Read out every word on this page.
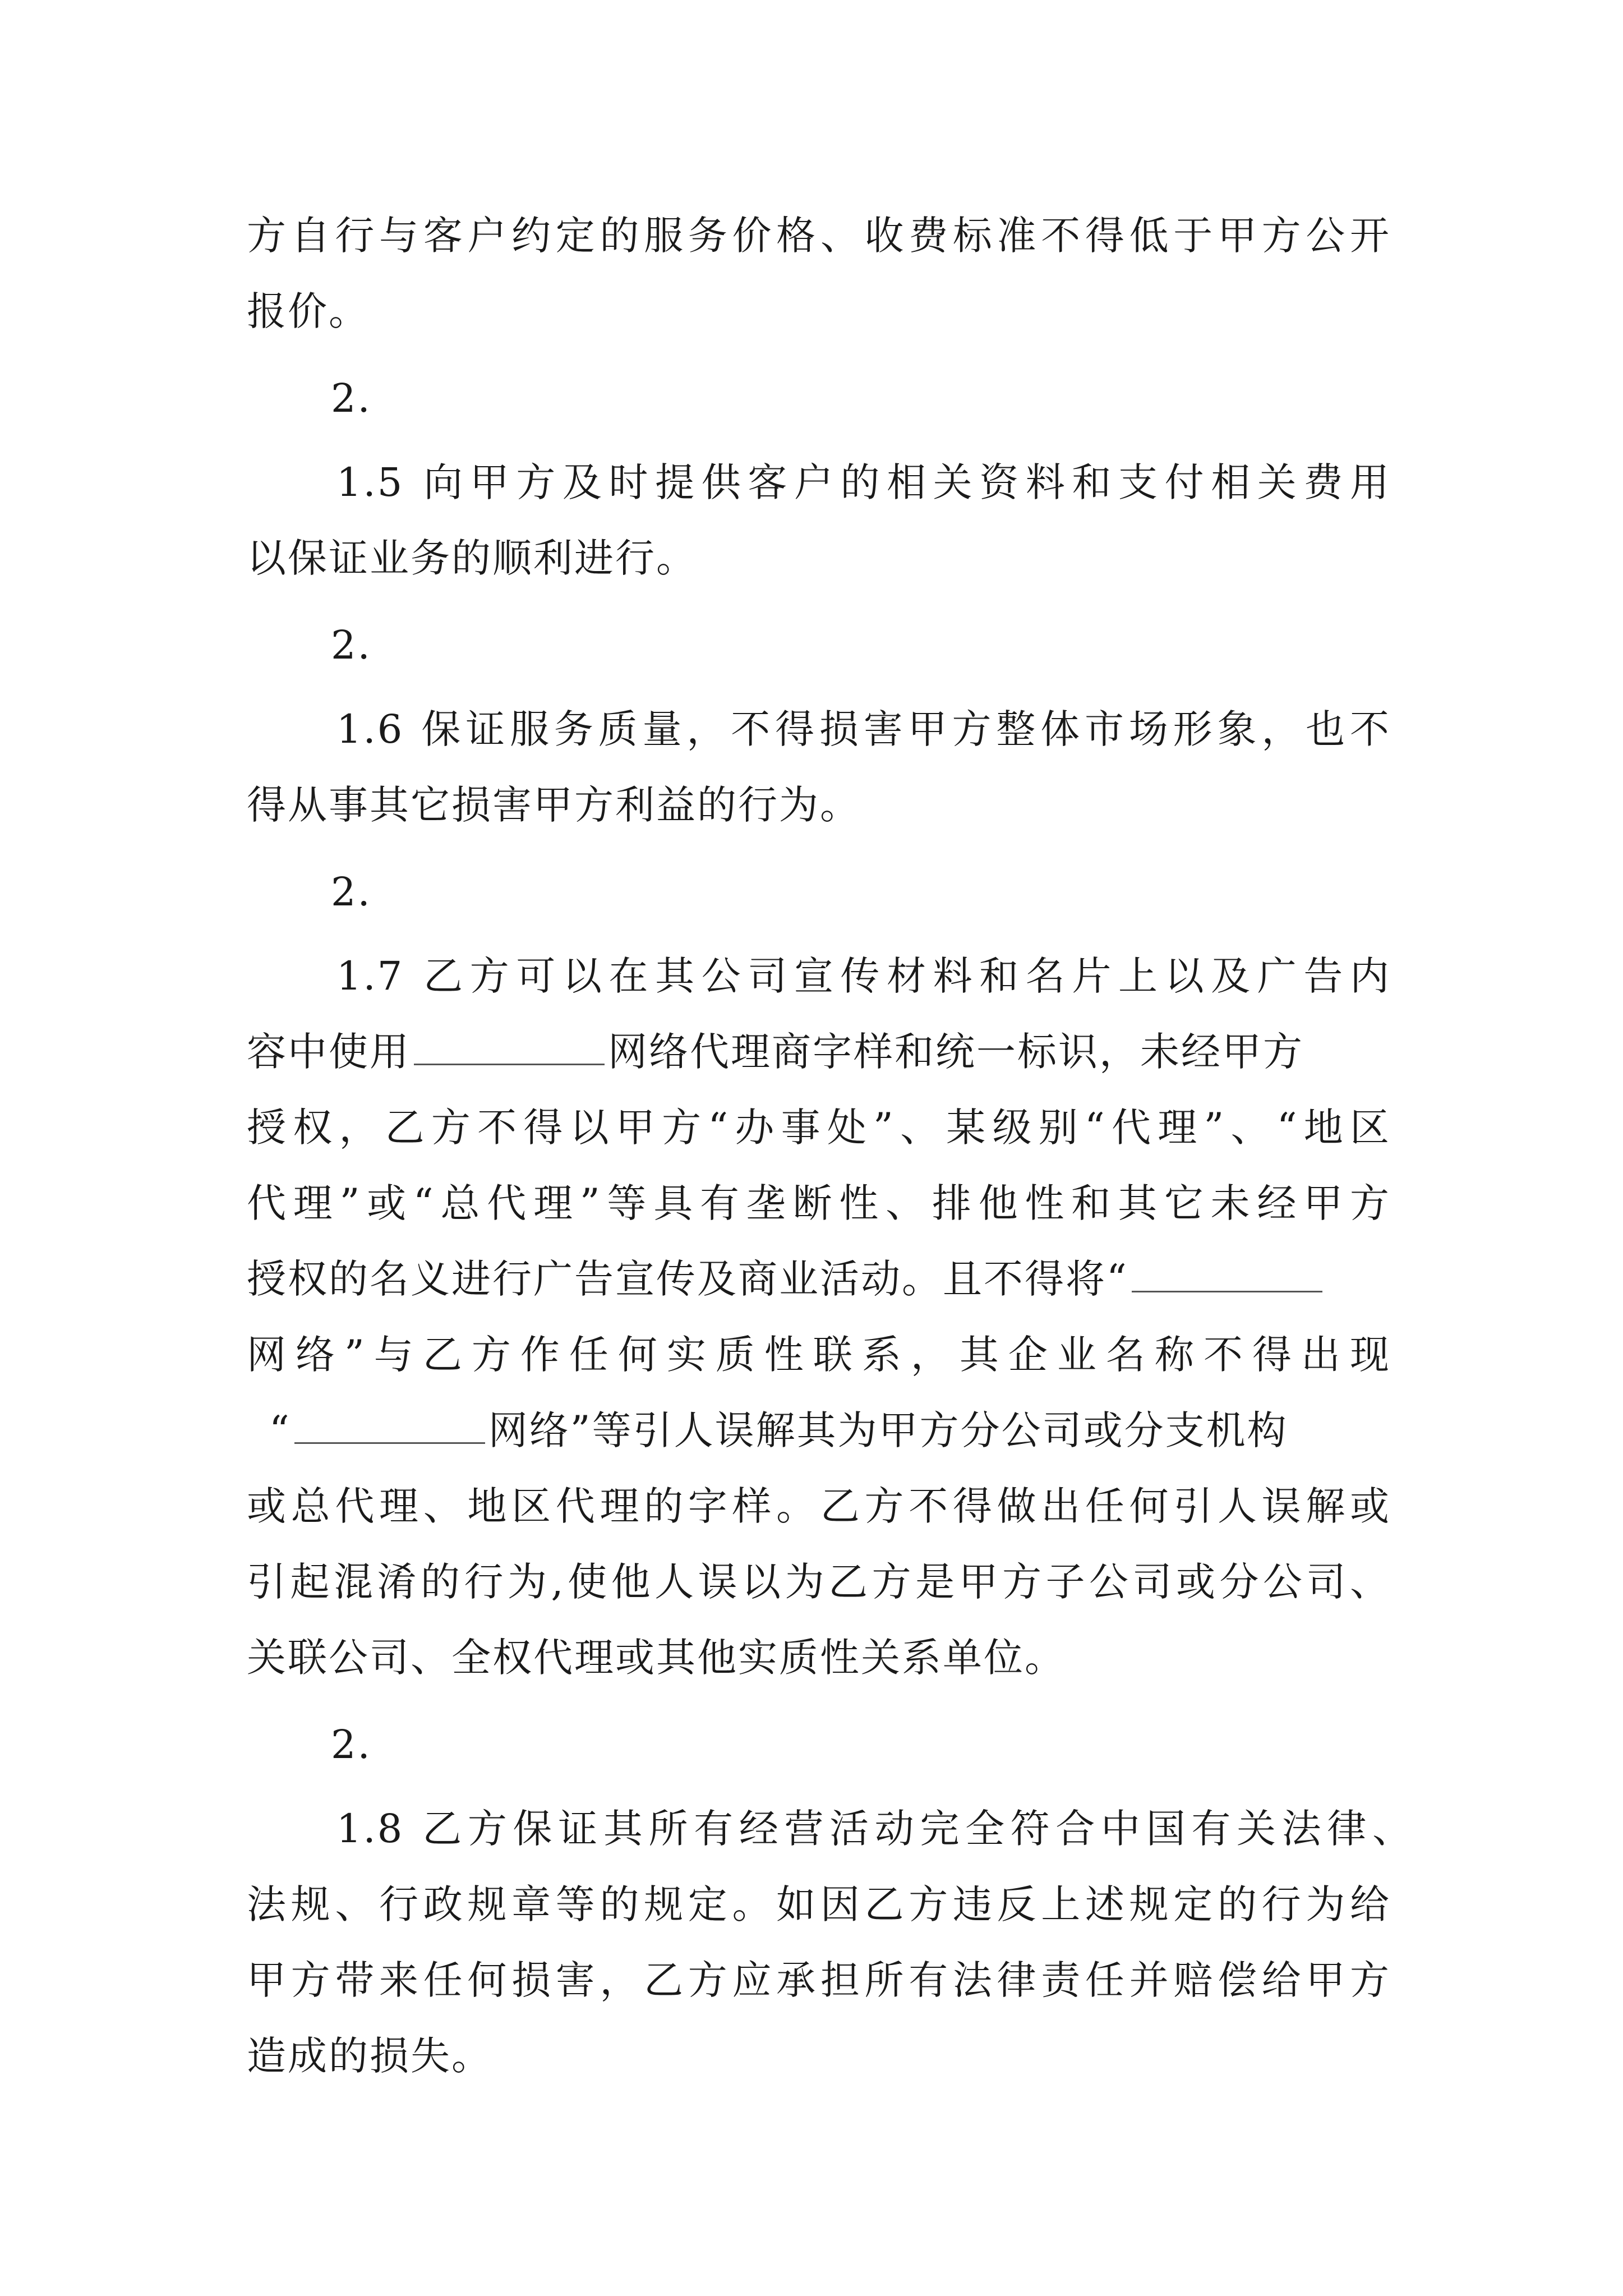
方自行与客户约定的服务价格、收费标准不得低于甲方公开
报价。
2.
1.5 向甲方及时提供客户的相关资料和支付相关费用
以保证业务的顺利进行。
2.
1.6 保证服务质量，不得损害甲方整体市场形象，也不
得从事其它损害甲方利益的行为。
2.
1.7 乙方可以在其公司宣传材料和名片上以及广告内
容中使用	网络代理商字样和统一标识，未经甲方
授权，乙方不得以甲方“办事处”、某级别“代理”、“地区
代理”或“总代理”等具有垄断性、排他性和其它未经甲方
授权的名义进行广告宣传及商业活动。且不得将“
网络”与乙方作任何实质性联系，其企业名称不得出现
“	网络”等引人误解其为甲方分公司或分支机构
或总代理、地区代理的字样。乙方不得做出任何引人误解或
引起混淆的行为,使他人误以为乙方是甲方子公司或分公司、
关联公司、全权代理或其他实质性关系单位。
2.
1.8 乙方保证其所有经营活动完全符合中国有关法律、
法规、行政规章等的规定。如因乙方违反上述规定的行为给
甲方带来任何损害，乙方应承担所有法律责任并赔偿给甲方
造成的损失。
